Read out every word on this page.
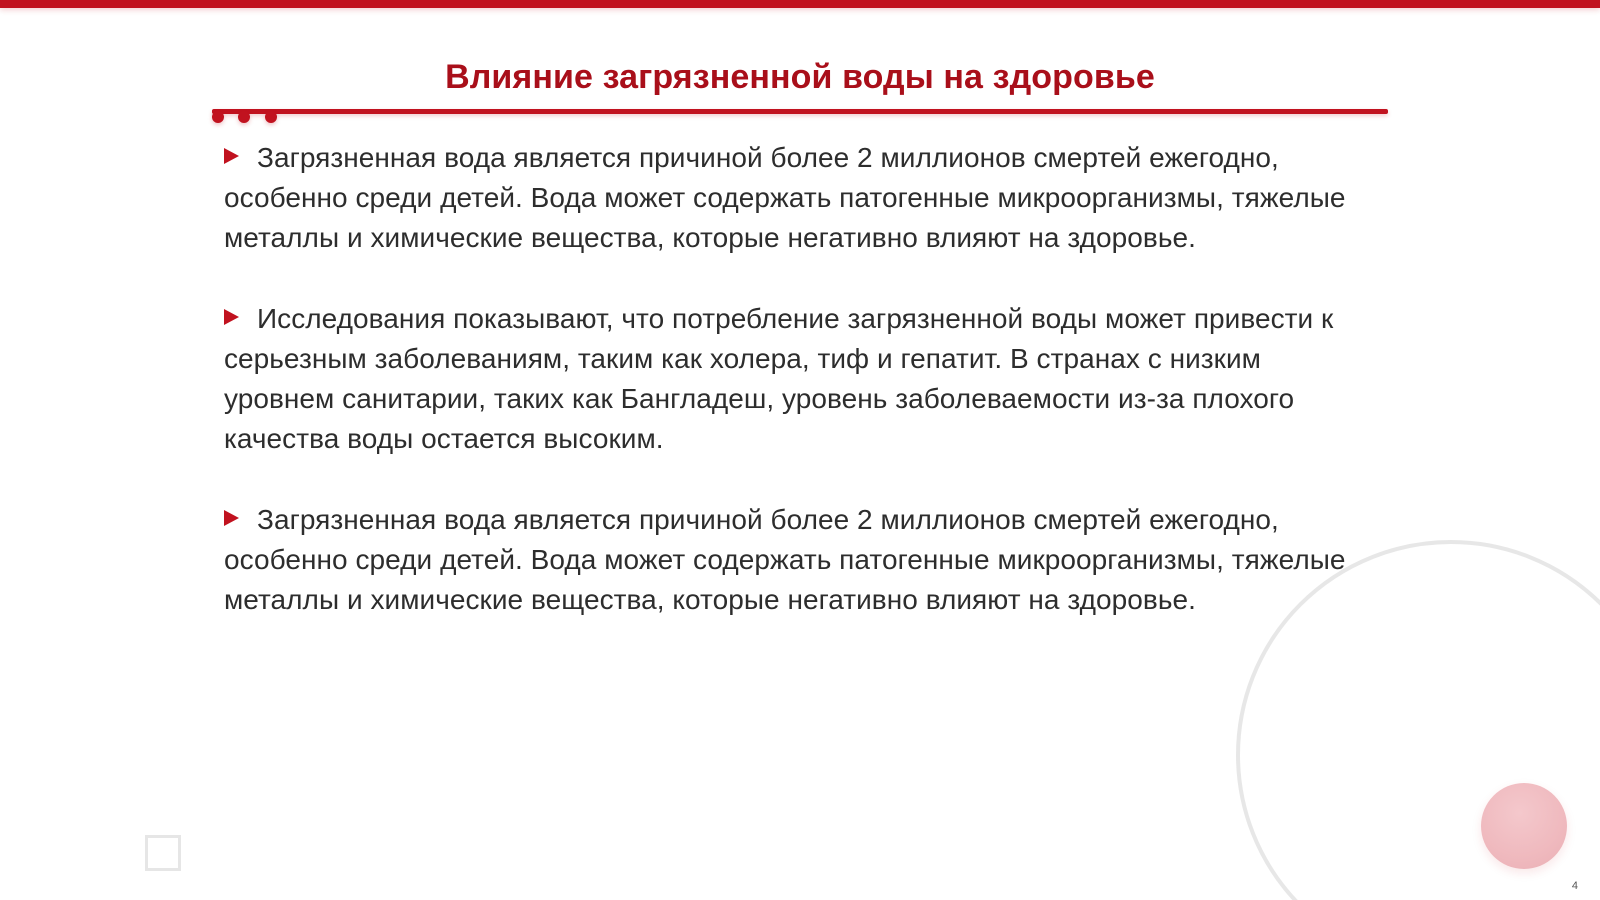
Влияние загрязненной воды на здоровье

Загрязненная вода является причиной более 2 миллионов смертей ежегодно, особенно среди детей. Вода может содержать патогенные микроорганизмы, тяжелые металлы и химические вещества, которые негативно влияют на здоровье.

Исследования показывают, что потребление загрязненной воды может привести к серьезным заболеваниям, таким как холера, тиф и гепатит. В странах с низким уровнем санитарии, таких как Бангладеш, уровень заболеваемости из-за плохого качества воды остается высоким.

Загрязненная вода является причиной более 2 миллионов смертей ежегодно, особенно среди детей. Вода может содержать патогенные микроорганизмы, тяжелые металлы и химические вещества, которые негативно влияют на здоровье.

4
